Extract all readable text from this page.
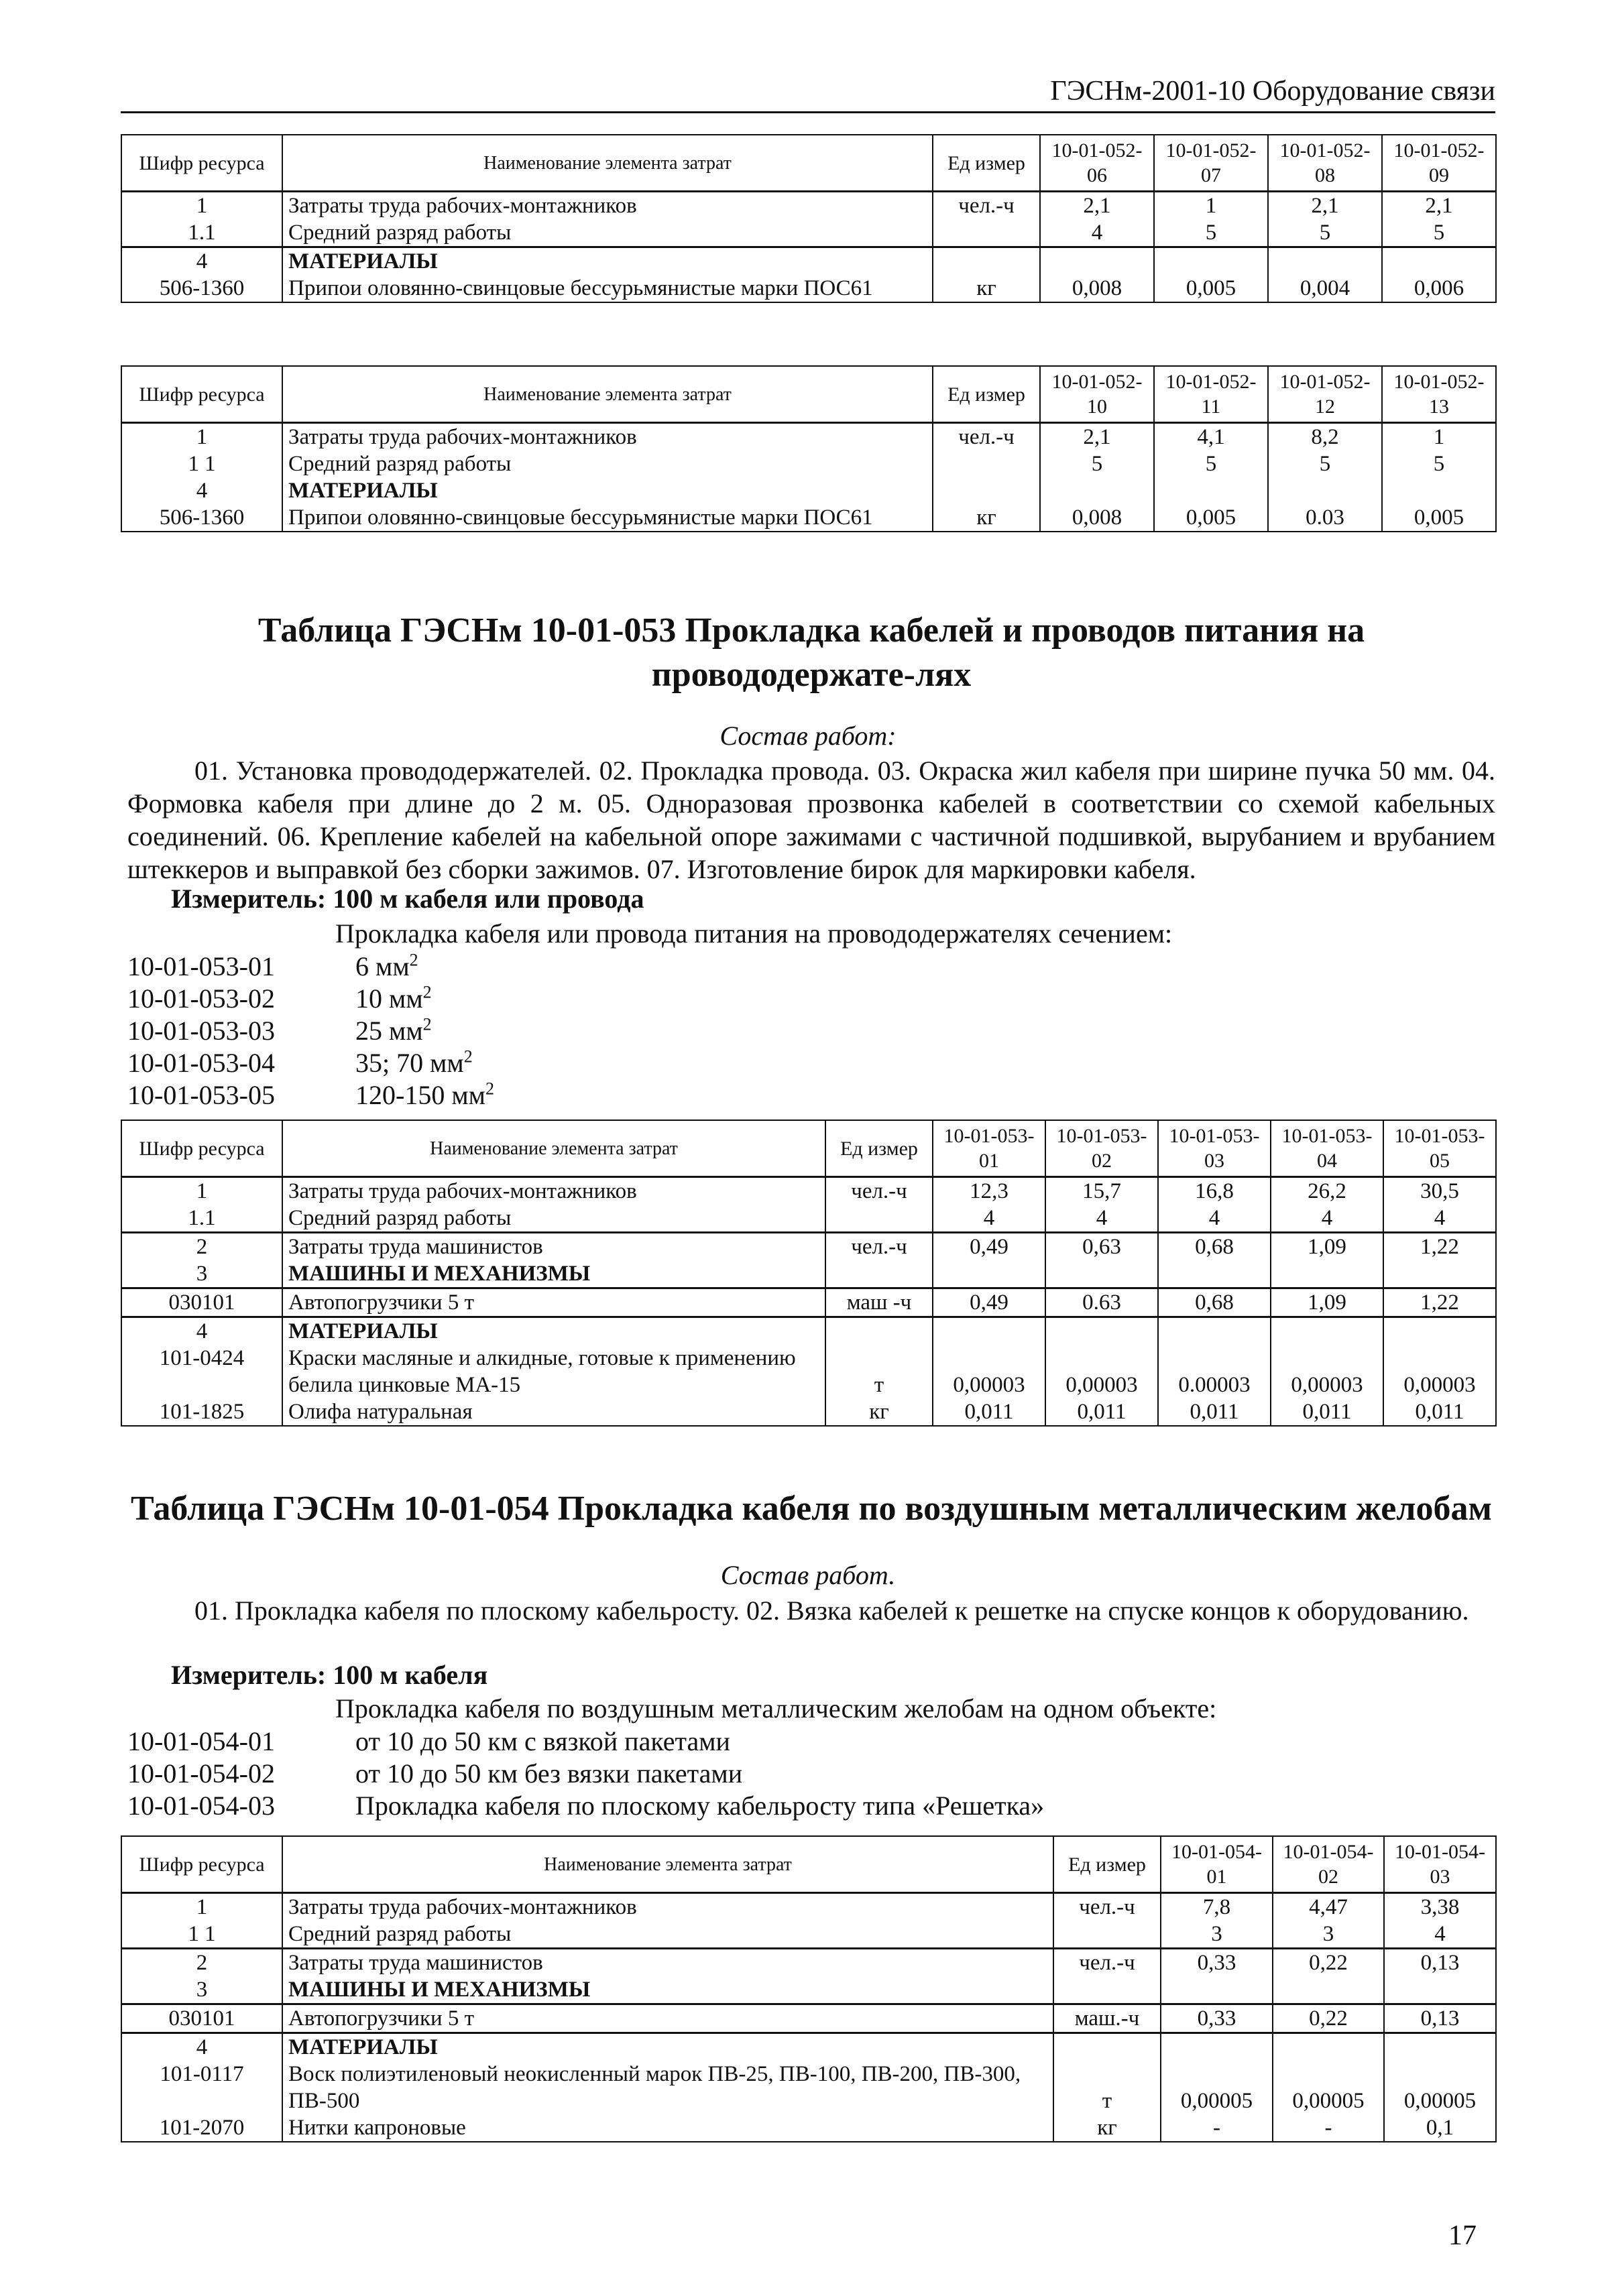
ГЭСНм-2001-10 Оборудование связи
Шифр ресурса	Наименование элемента затрат	Ед измер	10-01-052-06	10-01-052-07	10-01-052-08	10-01-052-09
1	Затраты труда рабочих-монтажников	чел.-ч	2,1	1	2,1	2,1
1.1	Средний разряд работы		4	5	5	5
4	МАТЕРИАЛЫ					
506-1360	Припои оловянно-свинцовые бессурьмянистые марки ПОС61	кг	0,008	0,005	0,004	0,006
Шифр ресурса	Наименование элемента затрат	Ед измер	10-01-052-10	10-01-052-11	10-01-052-12	10-01-052-13
1	Затраты труда рабочих-монтажников	чел.-ч	2,1	4,1	8,2	1
1 1	Средний разряд работы		5	5	5	5
4	МАТЕРИАЛЫ					
506-1360	Припои оловянно-свинцовые бессурьмянистые марки ПОС61	кг	0,008	0,005	0.03	0,005
Таблица ГЭСНм 10-01-053 Прокладка кабелей и проводов питания на провододержате-лях
Состав работ:

01. Установка провододержателей. 02. Прокладка провода. 03. Окраска жил кабеля при ширине пучка 50 мм. 04. Формовка кабеля при длине до 2 м. 05. Одноразовая прозвонка кабелей в соответствии со схемой кабельных соединений. 06. Крепление кабелей на кабельной опоре зажимами с частичной подшивкой, вырубанием и врубанием штеккеров и выправкой без сборки зажимов. 07. Изготовление бирок для маркировки кабеля.

Измеритель: 100 м кабеля или провода
Прокладка кабеля или провода питания на провододержателях сечением:
10-01-053-01	6 $мм^2$
10-01-053-02	10 $мм^2$
10-01-053-03	25 $мм^2$
10-01-053-04	35; 70 $мм^2$
10-01-053-05	120-150 $мм^2$
Шифр ресурса	Наименование элемента затрат	Ед измер	10-01-053-01	10-01-053-02	10-01-053-03	10-01-053-04	10-01-053-05
1	Затраты труда рабочих-монтажников	чел.-ч	12,3	15,7	16,8	26,2	30,5
1.1	Средний разряд работы		4	4	4	4	4
2	Затраты труда машинистов	чел.-ч	0,49	0,63	0,68	1,09	1,22
3	МАШИНЫ И МЕХАНИЗМЫ						
030101	Автопогрузчики 5 т	маш -ч	0,49	0.63	0,68	1,09	1,22
4	МАТЕРИАЛЫ						
101-0424	Краски масляные и алкидные, готовые к применению белила цинковые МА-15	т	0,00003	0,00003	0.00003	0,00003	0,00003
101-1825	Олифа натуральная	кг	0,011	0,011	0,011	0,011	0,011
Таблица ГЭСНм 10-01-054 Прокладка кабеля по воздушным металлическим желобам
Состав работ.

01. Прокладка кабеля по плоскому кабельросту. 02. Вязка кабелей к решетке на спуске концов к оборудованию.

Измеритель: 100 м кабеля
Прокладка кабеля по воздушным металлическим желобам на одном объекте:
10-01-054-01	от 10 до 50 км с вязкой пакетами
10-01-054-02	от 10 до 50 км без вязки пакетами
10-01-054-03	Прокладка кабеля по плоскому кабельросту типа «Решетка»
Шифр ресурса	Наименование элемента затрат	Ед измер	10-01-054-01	10-01-054-02	10-01-054-03
1	Затраты труда рабочих-монтажников	чел.-ч	7,8	4,47	3,38
1 1	Средний разряд работы		3	3	4
2	Затраты труда машинистов	чел.-ч	0,33	0,22	0,13
3	МАШИНЫ И МЕХАНИЗМЫ				
030101	Автопогрузчики 5 т	маш.-ч	0,33	0,22	0,13
4	МАТЕРИАЛЫ				
101-0117	Воск полиэтиленовый неокисленный марок ПВ-25, ПВ-100, ПВ-200, ПВ-300, ПВ-500	т	0,00005	0,00005	0,00005
101-2070	Нитки капроновые	кг	-	-	0,1
17
